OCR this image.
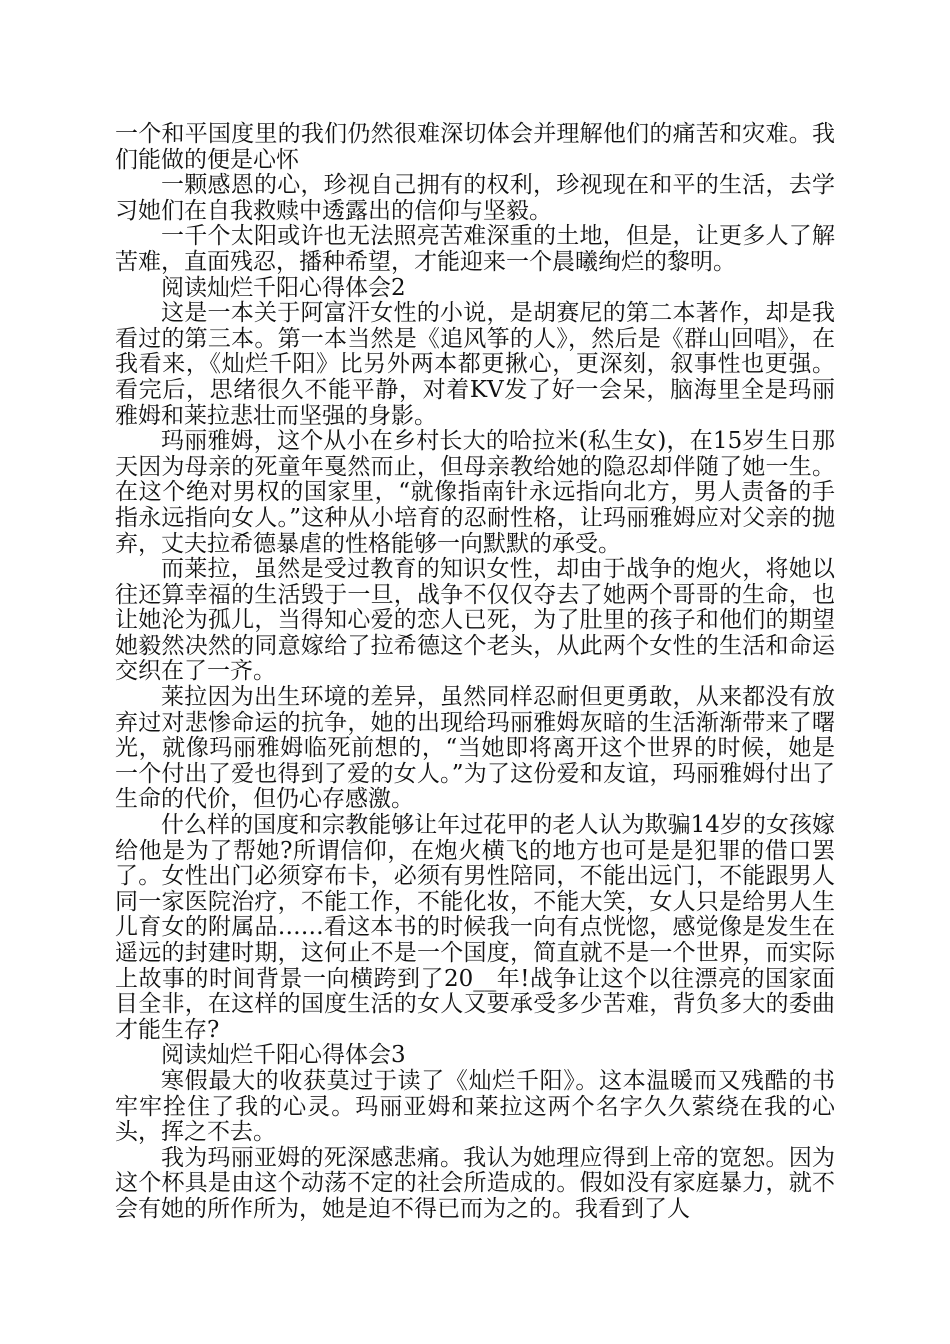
一个和平国度里的我们仍然很难深切体会并理解他们的痛苦和灾难。我们能做的便是心怀

一颗感恩的心，珍视自己拥有的权利，珍视现在和平的生活，去学习她们在自我救赎中透露出的信仰与坚毅。

一千个太阳或许也无法照亮苦难深重的土地，但是，让更多人了解苦难，直面残忍，播种希望，才能迎来一个晨曦绚烂的黎明。

阅读灿烂千阳心得体会2

这是一本关于阿富汗女性的小说，是胡赛尼的第二本著作，却是我看过的第三本。第一本当然是《追风筝的人》，然后是《群山回唱》，在我看来，《灿烂千阳》比另外两本都更揪心，更深刻，叙事性也更强。看完后，思绪很久不能平静，对着KV发了好一会呆，脑海里全是玛丽雅姆和莱拉悲壮而坚强的身影。

玛丽雅姆，这个从小在乡村长大的哈拉米(私生女)，在15岁生日那天因为母亲的死童年戛然而止，但母亲教给她的隐忍却伴随了她一生。在这个绝对男权的国家里，“就像指南针永远指向北方，男人责备的手指永远指向女人。”这种从小培育的忍耐性格，让玛丽雅姆应对父亲的抛弃，丈夫拉希德暴虐的性格能够一向默默的承受。

而莱拉，虽然是受过教育的知识女性，却由于战争的炮火，将她以往还算幸福的生活毁于一旦，战争不仅仅夺去了她两个哥哥的生命，也让她沦为孤儿，当得知心爱的恋人已死，为了肚里的孩子和他们的期望她毅然决然的同意嫁给了拉希德这个老头，从此两个女性的生活和命运交织在了一齐。

莱拉因为出生环境的差异，虽然同样忍耐但更勇敢，从来都没有放弃过对悲惨命运的抗争，她的出现给玛丽雅姆灰暗的生活渐渐带来了曙光，就像玛丽雅姆临死前想的，“当她即将离开这个世界的时候，她是一个付出了爱也得到了爱的女人。”为了这份爱和友谊，玛丽雅姆付出了生命的代价，但仍心存感激。

什么样的国度和宗教能够让年过花甲的老人认为欺骗14岁的女孩嫁给他是为了帮她?所谓信仰，在炮火横飞的地方也可是是犯罪的借口罢了。女性出门必须穿布卡，必须有男性陪同，不能出远门，不能跟男人同一家医院治疗，不能工作，不能化妆，不能大笑，女人只是给男人生儿育女的附属品……看这本书的时候我一向有点恍惚，感觉像是发生在遥远的封建时期，这何止不是一个国度，简直就不是一个世界，而实际上故事的时间背景一向横跨到了20__年!战争让这个以往漂亮的国家面目全非，在这样的国度生活的女人又要承受多少苦难，背负多大的委曲才能生存?

阅读灿烂千阳心得体会3

寒假最大的收获莫过于读了《灿烂千阳》。这本温暖而又残酷的书牢牢拴住了我的心灵。玛丽亚姆和莱拉这两个名字久久萦绕在我的心头，挥之不去。

我为玛丽亚姆的死深感悲痛。我认为她理应得到上帝的宽恕。因为这个杯具是由这个动荡不定的社会所造成的。假如没有家庭暴力，就不会有她的所作所为，她是迫不得已而为之的。我看到了人
